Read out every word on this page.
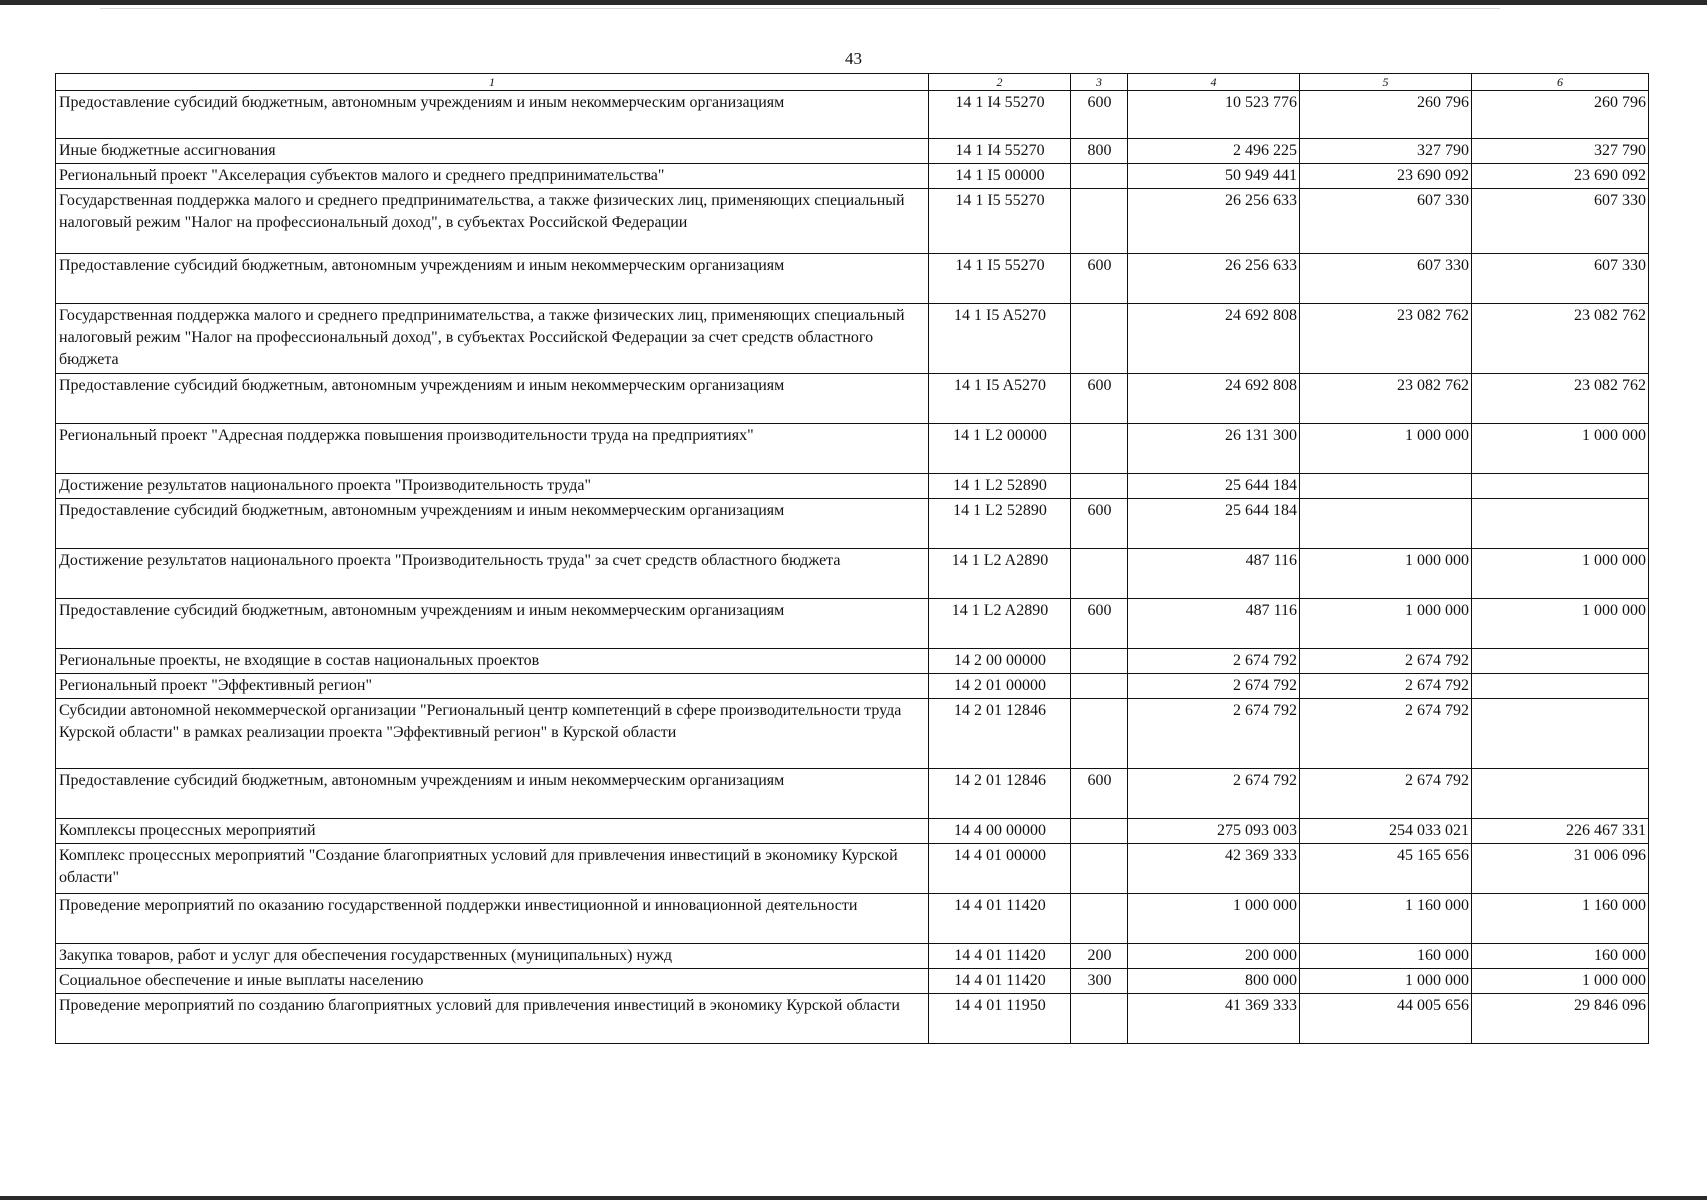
43
1	2	3	4	5	6
Предоставление субсидий бюджетным, автономным учреждениям и иным некоммерческим организациям	14 1 I4 55270	600	10 523 776	260 796	260 796
Иные бюджетные ассигнования	14 1 I4 55270	800	2 496 225	327 790	327 790
Региональный проект "Акселерация субъектов малого и среднего предпринимательства"	14 1 I5 00000		50 949 441	23 690 092	23 690 092
Государственная поддержка малого и среднего предпринимательства, а также физических лиц, применяющих специальный налоговый режим "Налог на профессиональный доход", в субъектах Российской Федерации	14 1 I5 55270		26 256 633	607 330	607 330
Предоставление субсидий бюджетным, автономным учреждениям и иным некоммерческим организациям	14 1 I5 55270	600	26 256 633	607 330	607 330
Государственная поддержка малого и среднего предпринимательства, а также физических лиц, применяющих специальный налоговый режим "Налог на профессиональный доход", в субъектах Российской Федерации за счет средств областного бюджета	14 1 I5 A5270		24 692 808	23 082 762	23 082 762
Предоставление субсидий бюджетным, автономным учреждениям и иным некоммерческим организациям	14 1 I5 A5270	600	24 692 808	23 082 762	23 082 762
Региональный проект "Адресная поддержка повышения производительности труда на предприятиях"	14 1 L2 00000		26 131 300	1 000 000	1 000 000
Достижение результатов национального проекта "Производительность труда"	14 1 L2 52890		25 644 184		
Предоставление субсидий бюджетным, автономным учреждениям и иным некоммерческим организациям	14 1 L2 52890	600	25 644 184		
Достижение результатов национального проекта "Производительность труда" за счет средств областного бюджета	14 1 L2 A2890		487 116	1 000 000	1 000 000
Предоставление субсидий бюджетным, автономным учреждениям и иным некоммерческим организациям	14 1 L2 A2890	600	487 116	1 000 000	1 000 000
Региональные проекты, не входящие в состав национальных проектов	14 2 00 00000		2 674 792	2 674 792	
Региональный проект "Эффективный регион"	14 2 01 00000		2 674 792	2 674 792	
Субсидии автономной некоммерческой организации "Региональный центр компетенций в сфере производительности труда Курской области" в рамках реализации проекта "Эффективный регион" в Курской области	14 2 01 12846		2 674 792	2 674 792	
Предоставление субсидий бюджетным, автономным учреждениям и иным некоммерческим организациям	14 2 01 12846	600	2 674 792	2 674 792	
Комплексы процессных мероприятий	14 4 00 00000		275 093 003	254 033 021	226 467 331
Комплекс процессных мероприятий "Создание благоприятных условий для привлечения инвестиций в экономику Курской области"	14 4 01 00000		42 369 333	45 165 656	31 006 096
Проведение мероприятий по оказанию государственной поддержки инвестиционной и инновационной деятельности	14 4 01 11420		1 000 000	1 160 000	1 160 000
Закупка товаров, работ и услуг для обеспечения государственных (муниципальных) нужд	14 4 01 11420	200	200 000	160 000	160 000
Социальное обеспечение и иные выплаты населению	14 4 01 11420	300	800 000	1 000 000	1 000 000
Проведение мероприятий по созданию благоприятных условий для привлечения инвестиций в экономику Курской области	14 4 01 11950		41 369 333	44 005 656	29 846 096
